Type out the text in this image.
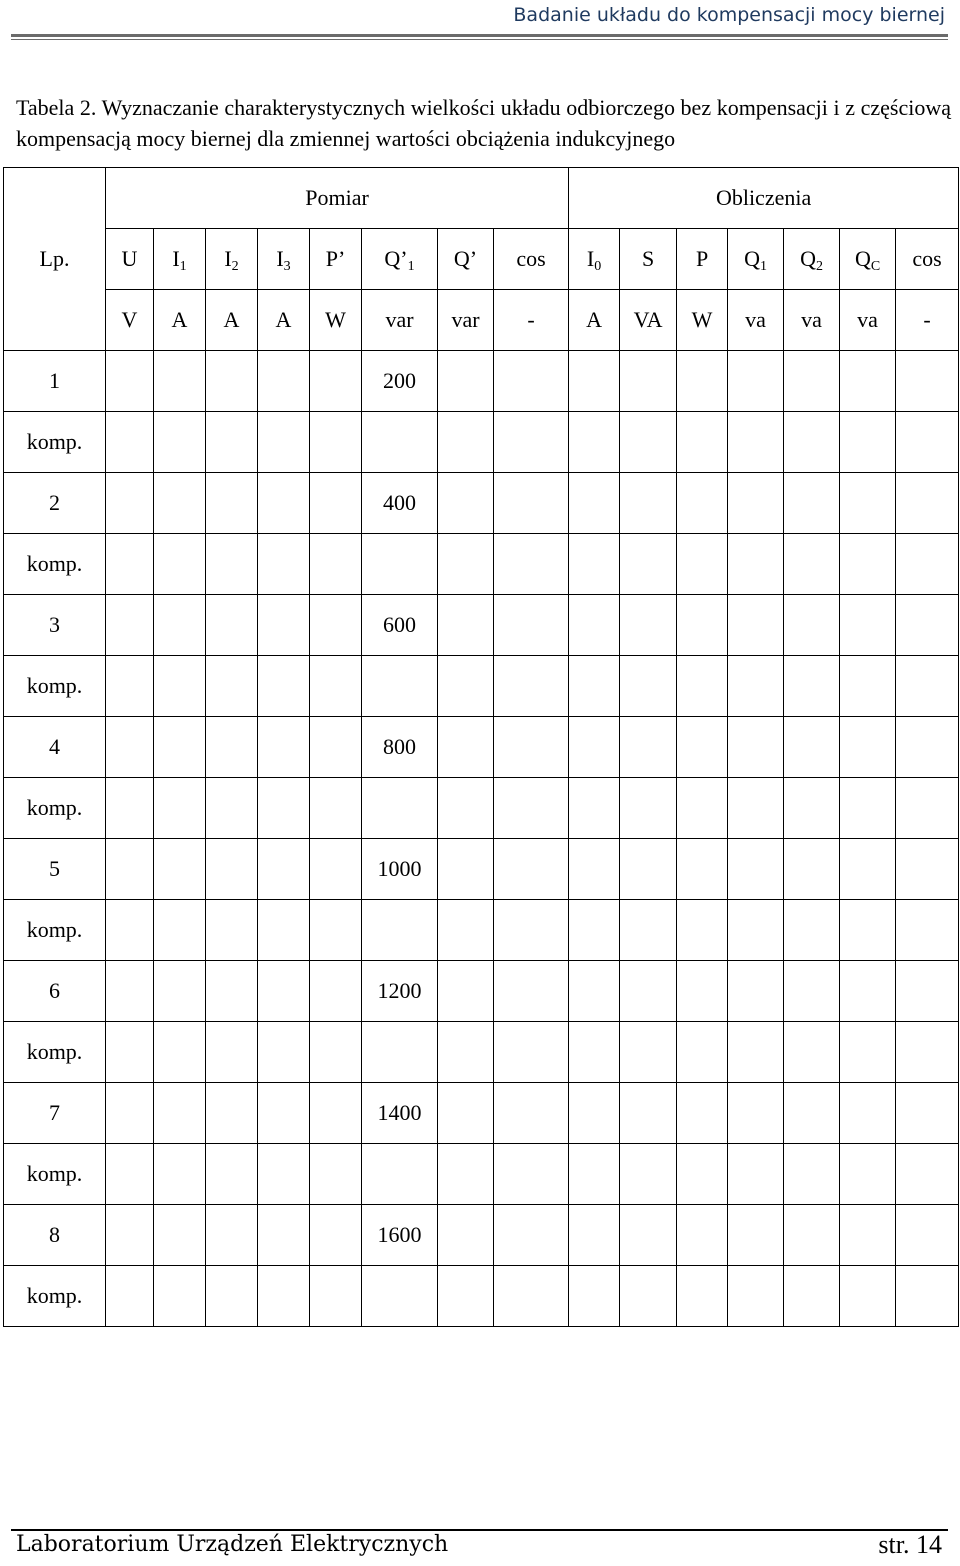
Badanie układu do kompensacji mocy biernej
Tabela 2. Wyznaczanie charakterystycznych wielkości układu odbiorczego bez kompensacji i z częściową kompensacją mocy biernej dla zmiennej wartości obciążenia indukcyjnego
Lp.	Pomiar								Obliczenia						
	U	$I_1$	$I_2$	$I_3$	P’	$Q’_1$	Q’	cos	$I_0$	S	P	$Q_1$	$Q_2$	$Q_C$	cos
	V	A	A	A	W	var	var	-	A	VA	W	va	va	va	-
1						200									
komp.															
2						400									
komp.															
3						600									
komp.															
4						800									
komp.															
5						1000									
komp.															
6						1200									
komp.															
7						1400									
komp.															
8						1600									
komp.															
Laboratorium Urządzeń Elektrycznych	str. 14
